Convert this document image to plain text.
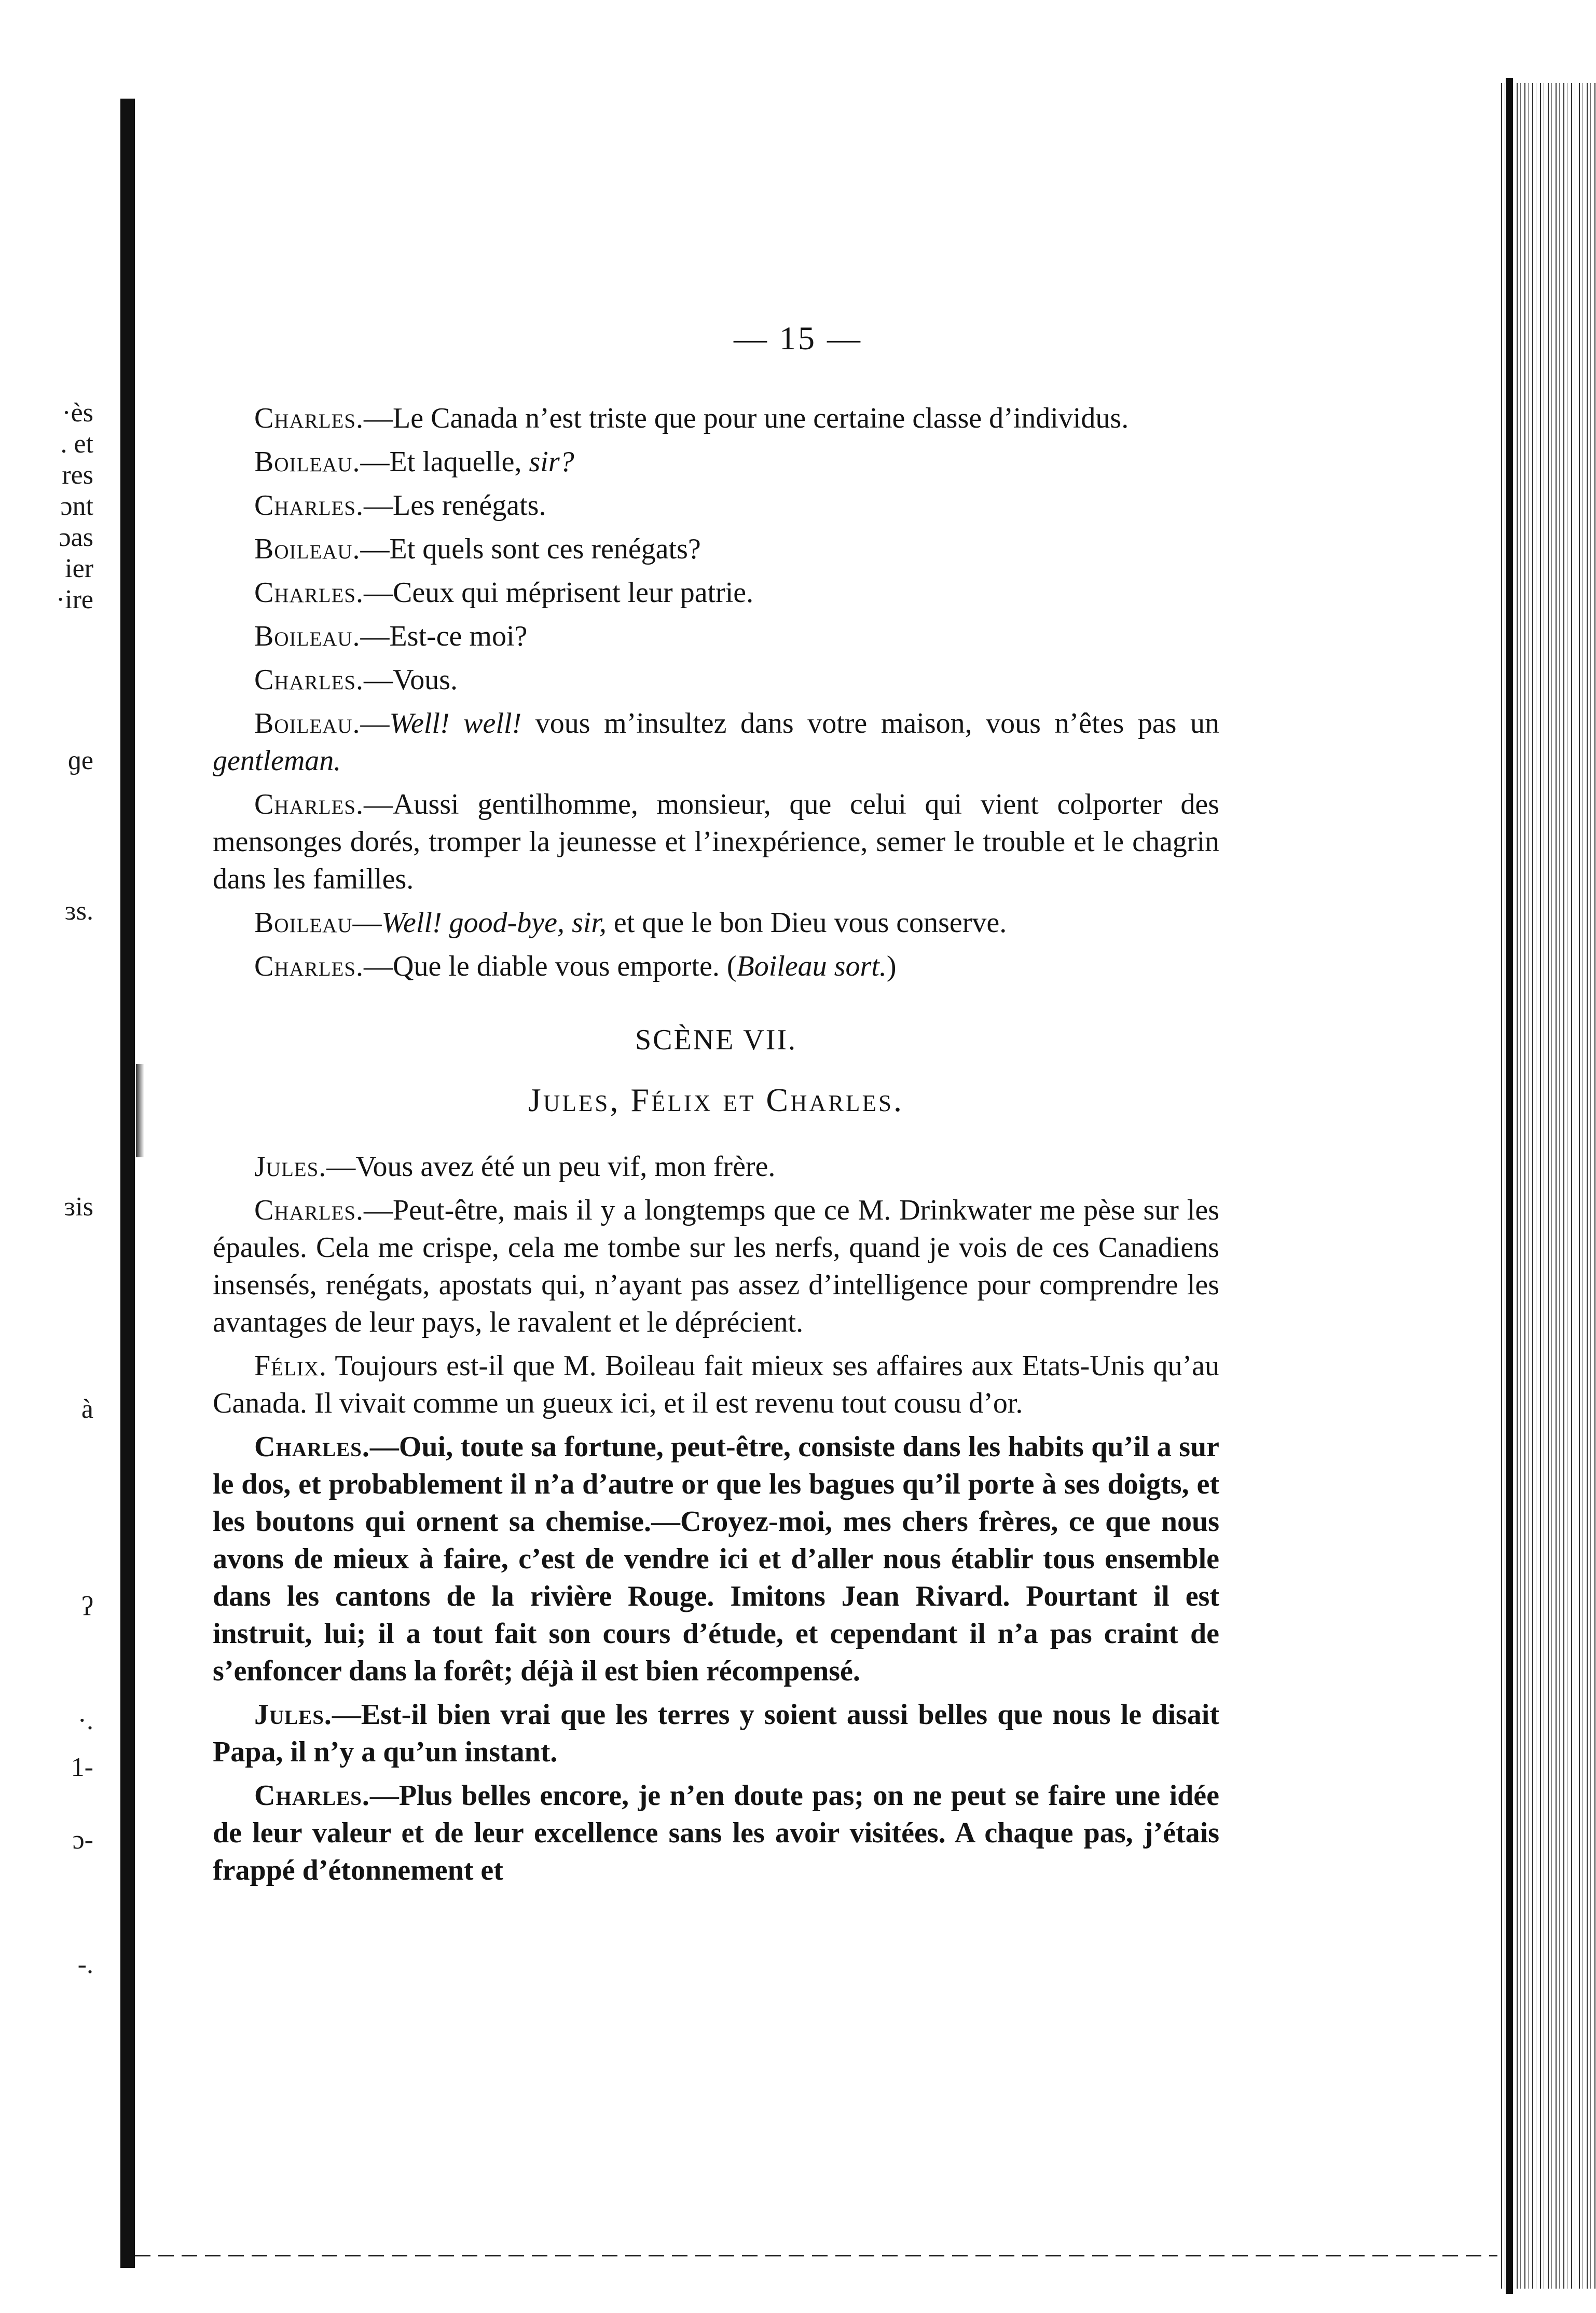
·ès
. et
res
ɔnt
ɔas
ier
·ire
ɡe
ɜs.
ɜis
à
ʔ
·.
1-
ɔ-
-.
— 15 —

Charles.—Le Canada n’est triste que pour une certaine classe d’individus.

Boileau.—Et laquelle, sir?

Charles.—Les renégats.

Boileau.—Et quels sont ces renégats?

Charles.—Ceux qui méprisent leur patrie.

Boileau.—Est-ce moi?

Charles.—Vous.

Boileau.—Well! well! vous m’insultez dans votre maison, vous n’êtes pas un gentleman.

Charles.—Aussi gentilhomme, monsieur, que celui qui vient colporter des mensonges dorés, tromper la jeunesse et l’inexpérience, semer le trouble et le chagrin dans les familles.

Boileau—Well! good-bye, sir, et que le bon Dieu vous conserve.

Charles.—Que le diable vous emporte. (Boileau sort.)

SCÈNE VII.

Jules, Félix et Charles.

Jules.—Vous avez été un peu vif, mon frère.

Charles.—Peut-être, mais il y a longtemps que ce M. Drinkwater me pèse sur les épaules. Cela me crispe, cela me tombe sur les nerfs, quand je vois de ces Canadiens insensés, renégats, apostats qui, n’ayant pas assez d’intelligence pour comprendre les avantages de leur pays, le ravalent et le déprécient.

Félix. Toujours est-il que M. Boileau fait mieux ses affaires aux Etats-Unis qu’au Canada. Il vivait comme un gueux ici, et il est revenu tout cousu d’or.

Charles.—Oui, toute sa fortune, peut-être, consiste dans les habits qu’il a sur le dos, et probablement il n’a d’autre or que les bagues qu’il porte à ses doigts, et les boutons qui ornent sa chemise.—Croyez-moi, mes chers frères, ce que nous avons de mieux à faire, c’est de vendre ici et d’aller nous établir tous ensemble dans les cantons de la rivière Rouge. Imitons Jean Rivard. Pourtant il est instruit, lui; il a tout fait son cours d’étude, et cependant il n’a pas craint de s’enfoncer dans la forêt; déjà il est bien récompensé.

Jules.—Est-il bien vrai que les terres y soient aussi belles que nous le disait Papa, il n’y a qu’un instant.

Charles.—Plus belles encore, je n’en doute pas; on ne peut se faire une idée de leur valeur et de leur excellence sans les avoir visitées. A chaque pas, j’étais frappé d’étonnement et
